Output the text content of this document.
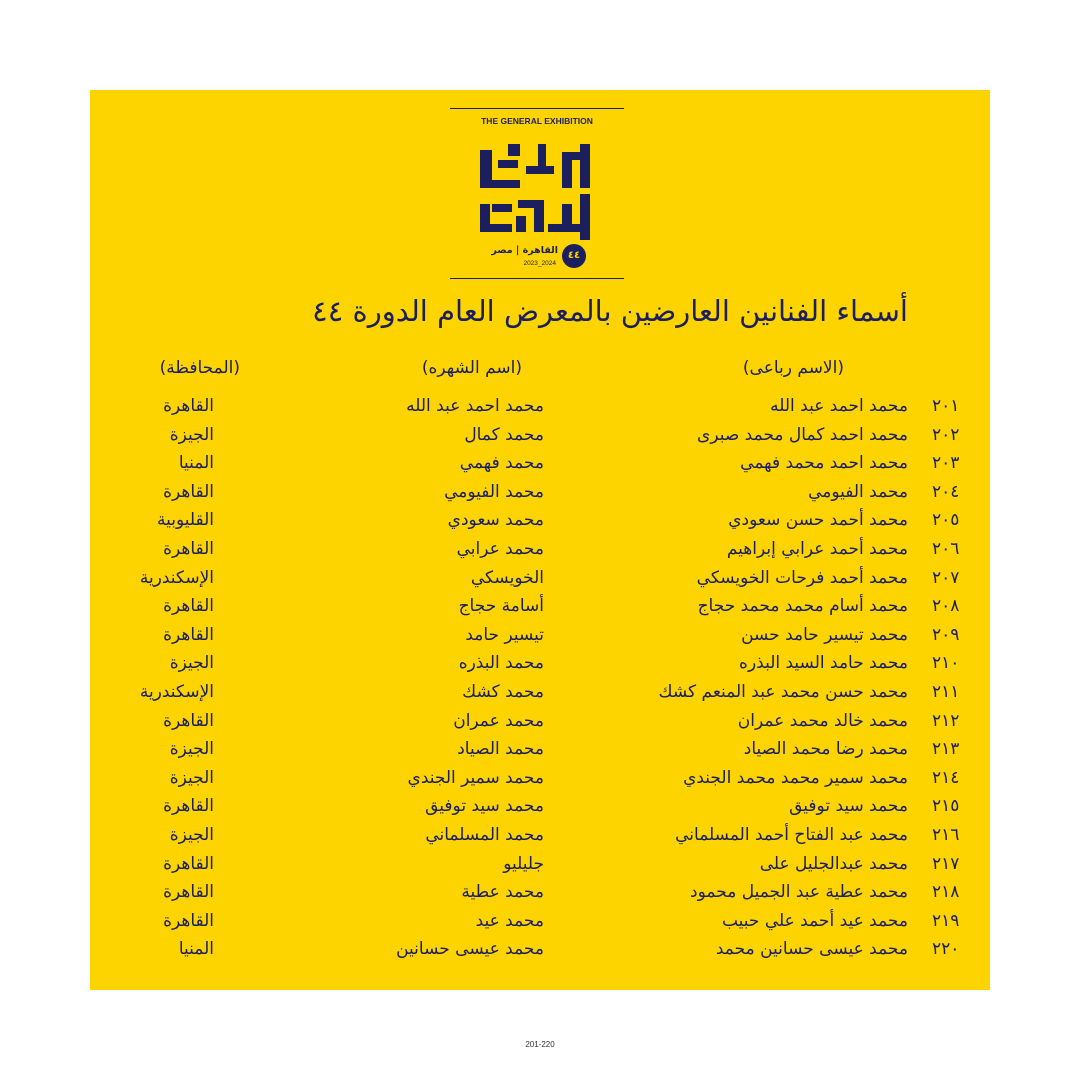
THE GENERAL EXHIBITION
٤٤
القاهرة | مصر
2023_2024
أسماء الفنانين العارضين بالمعرض العام الدورة ٤٤
(الاسم رباعى)
(اسم الشهره)
(المحافظة)
٢٠١
محمد احمد عبد الله
محمد احمد عبد الله
القاهرة
٢٠٢
محمد احمد كمال محمد صبرى
محمد كمال
الجيزة
٢٠٣
محمد احمد محمد فهمي
محمد فهمي
المنيا
٢٠٤
محمد الفيومي
محمد الفيومي
القاهرة
٢٠٥
محمد أحمد حسن سعودي
محمد سعودي
القليوبية
٢٠٦
محمد أحمد عرابي إبراهيم
محمد عرابي
القاهرة
٢٠٧
محمد أحمد فرحات الخويسكي
الخويسكي
الإسكندرية
٢٠٨
محمد أسام محمد محمد حجاج
أسامة حجاج
القاهرة
٢٠٩
محمد تيسير حامد حسن
تيسير حامد
القاهرة
٢١٠
محمد حامد السيد البذره
محمد البذره
الجيزة
٢١١
محمد حسن محمد عبد المنعم كشك
محمد كشك
الإسكندرية
٢١٢
محمد خالد محمد عمران
محمد عمران
القاهرة
٢١٣
محمد رضا محمد الصياد
محمد الصياد
الجيزة
٢١٤
محمد سمير محمد محمد الجندي
محمد سمير الجندي
الجيزة
٢١٥
محمد سيد توفيق
محمد سيد توفيق
القاهرة
٢١٦
محمد عبد الفتاح أحمد المسلماني
محمد المسلماني
الجيزة
٢١٧
محمد عبدالجليل على
جليليو
القاهرة
٢١٨
محمد عطية عبد الجميل محمود
محمد عطية
القاهرة
٢١٩
محمد عيد أحمد علي حبيب
محمد عيد
القاهرة
٢٢٠
محمد عيسى حسانين محمد
محمد عيسى حسانين
المنيا
201-220
